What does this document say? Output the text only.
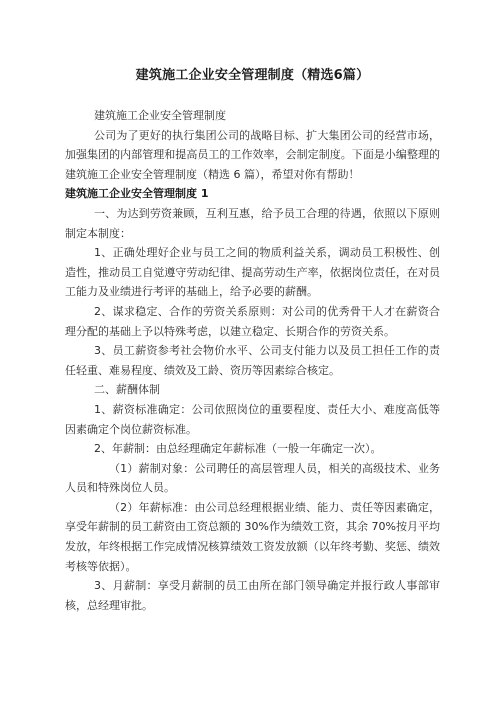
建筑施工企业安全管理制度（精选6篇）

建筑施工企业安全管理制度

公司为了更好的执行集团公司的战略目标、扩大集团公司的经营市场，加强集团的内部管理和提高员工的工作效率，会制定制度。下面是小编整理的建筑施工企业安全管理制度（精选 6 篇），希望对你有帮助！

建筑施工企业安全管理制度 1

一、为达到劳资兼顾，互利互惠，给予员工合理的待遇，依照以下原则制定本制度：

1、正确处理好企业与员工之间的物质利益关系，调动员工积极性、创造性，推动员工自觉遵守劳动纪律、提高劳动生产率，依据岗位责任，在对员工能力及业绩进行考评的基础上，给予必要的薪酬。

2、谋求稳定、合作的劳资关系原则：对公司的优秀骨干人才在薪资合理分配的基础上予以特殊考虑，以建立稳定、长期合作的劳资关系。

3、员工薪资参考社会物价水平、公司支付能力以及员工担任工作的责任轻重、难易程度、绩效及工龄、资历等因素综合核定。

二、薪酬体制

1、薪资标准确定：公司依照岗位的重要程度、责任大小、难度高低等因素确定个岗位薪资标准。

2、年薪制：由总经理确定年薪标准（一般一年确定一次）。

（1）薪制对象：公司聘任的高层管理人员，相关的高级技术、业务人员和特殊岗位人员。

（2）年薪标准：由公司总经理根据业绩、能力、责任等因素确定，享受年薪制的员工薪资由工资总额的 30%作为绩效工资，其余 70%按月平均发放，年终根据工作完成情况核算绩效工资发放额（以年终考勤、奖惩、绩效考核等依据）。

3、月薪制：享受月薪制的员工由所在部门领导确定并报行政人事部审核，总经理审批。
